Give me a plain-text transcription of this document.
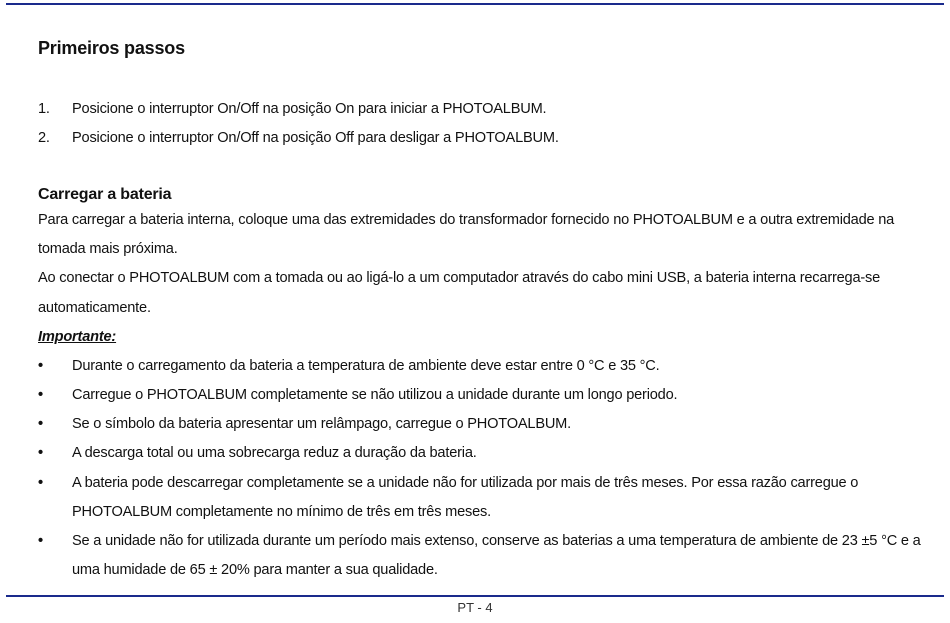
Primeiros passos
1. Posicione o interruptor On/Off na posição On para iniciar a PHOTOALBUM.
2. Posicione o interruptor On/Off na posição Off para desligar a PHOTOALBUM.
Carregar a bateria

Para carregar a bateria interna, coloque uma das extremidades do transformador fornecido no PHOTOALBUM e a outra extremidade na tomada mais próxima.

Ao conectar o PHOTOALBUM com a tomada ou ao ligá-lo a um computador através do cabo mini USB, a bateria interna recarrega-se automaticamente.

Importante:
• Durante o carregamento da bateria a temperatura de ambiente deve estar entre 0 °C e 35 °C.
• Carregue o PHOTOALBUM completamente se não utilizou a unidade durante um longo periodo.
• Se o símbolo da bateria apresentar um relâmpago, carregue o PHOTOALBUM.
• A descarga total ou uma sobrecarga reduz a duração da bateria.
• A bateria pode descarregar completamente se a unidade não for utilizada por mais de três meses. Por essa razão carregue o PHOTOALBUM completamente no mínimo de três em três meses.
• Se a unidade não for utilizada durante um período mais extenso, conserve as baterias a uma temperatura de ambiente de 23 ±5 °C e a uma humidade de 65 ± 20% para manter a sua qualidade.
PT - 4
